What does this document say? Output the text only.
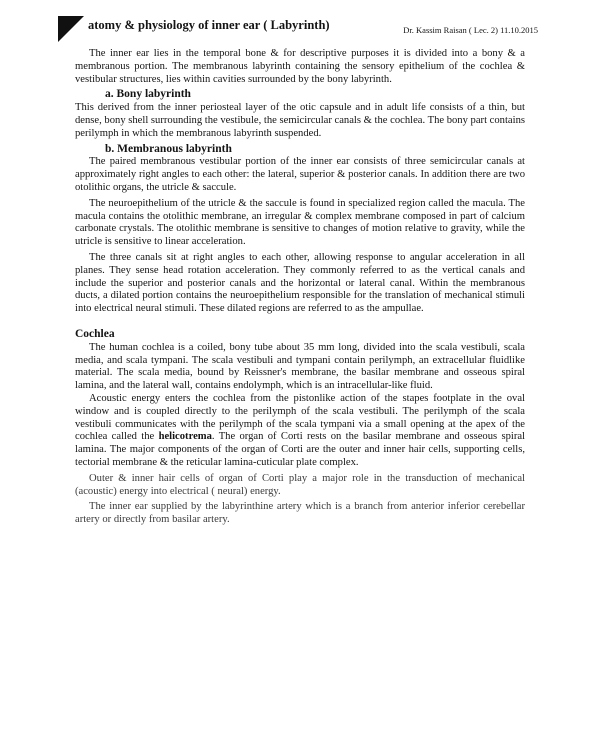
atomy & physiology of inner ear ( Labyrinth)	Dr. Kassim Raisan ( Lec. 2) 11.10.2015

The inner ear lies in the temporal bone & for descriptive purposes it is divided into a bony & a membranous portion. The membranous labyrinth containing the sensory epithelium of the cochlea & vestibular structures, lies within cavities surrounded by the bony labyrinth.

a. Bony labyrinth

This derived from the inner periosteal layer of the otic capsule and in adult life consists of a thin, but dense, bony shell surrounding the vestibule, the semicircular canals & the cochlea. The bony part contains perilymph in which the membranous labyrinth suspended.

b. Membranous labyrinth

The paired membranous vestibular portion of the inner ear consists of three semicircular canals at approximately right angles to each other: the lateral, superior & posterior canals. In addition there are two otolithic organs, the utricle & saccule.

The neuroepithelium of the utricle & the saccule is found in specialized region called the macula. The macula contains the otolithic membrane, an irregular & complex membrane composed in part of calcium carbonate crystals. The otolithic membrane is sensitive to changes of motion relative to gravity, while the utricle is sensitive to linear acceleration.

The three canals sit at right angles to each other, allowing response to angular acceleration in all planes. They sense head rotation acceleration. They commonly referred to as the vertical canals and include the superior and posterior canals and the horizontal or lateral canal. Within the membranous ducts, a dilated portion contains the neuroepithelium responsible for the translation of mechanical stimuli into electrical neural stimuli. These dilated regions are referred to as the ampullae.

Cochlea

The human cochlea is a coiled, bony tube about 35 mm long, divided into the scala vestibuli, scala media, and scala tympani. The scala vestibuli and tympani contain perilymph, an extracellular fluidlike material. The scala media, bound by Reissner's membrane, the basilar membrane and osseous spiral lamina, and the lateral wall, contains endolymph, which is an intracellular-like fluid.

Acoustic energy enters the cochlea from the pistonlike action of the stapes footplate in the oval window and is coupled directly to the perilymph of the scala vestibuli. The perilymph of the scala vestibuli communicates with the perilymph of the scala tympani via a small opening at the apex of the cochlea called the helicotrema. The organ of Corti rests on the basilar membrane and osseous spiral lamina. The major components of the organ of Corti are the outer and inner hair cells, supporting cells, tectorial membrane & the reticular lamina-cuticular plate complex.

Outer & inner hair cells of organ of Corti play a major role in the transduction of mechanical (acoustic) energy into electrical ( neural) energy.

The inner ear supplied by the labyrinthine artery which is a branch from anterior inferior cerebellar artery or directly from basilar artery.
